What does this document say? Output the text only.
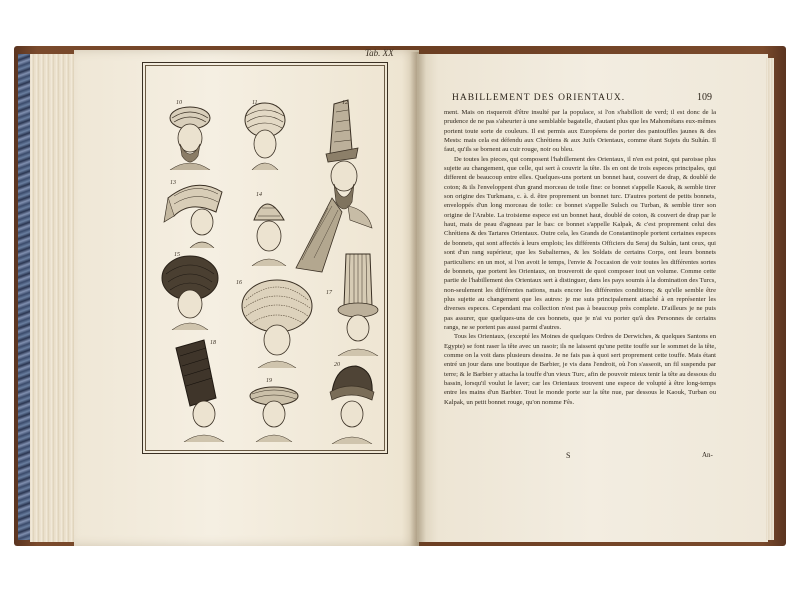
Tab. XX
10	11	12
13
14
15
16
17
18
19
20
HABILLEMENT DES ORIENTAUX.	109

ment. Mais on risqueroit d'être insulté par la populace, si l'on s'habilloit de verd; il est donc de la prudence de ne pas s'aheurter à une semblable bagatelle, d'autant plus que les Mahométans eux-mêmes portent toute sorte de couleurs. Il est permis aux Européens de porter des pantouffles jaunes & des Mests: mais cela est défendu aux Chrétiens & aux Juifs Orientaux, comme étant Sujets du Sultán. Il faut, qu'ils se bornent au cuir rouge, noir ou bleu.

De toutes les pieces, qui composent l'habillement des Orientaux, il n'en est point, qui paroisse plus sujette au changement, que celle, qui sert à couvrir la tête. Ils en ont de trois especes principales, qui different de beaucoup entre elles. Quelques-uns portent un bonnet haut, couvert de drap, & doublé de coton; & ils l'enveloppent d'un grand morceau de toile fine: ce bonnet s'appelle Kaouk, & semble tirer son origine des Turkmans, c. à. d. être proprement un bonnet turc. D'autres portent de petits bonnets, enveloppés d'un long morceau de toile: ce bonnet s'appelle Sulsch ou Turban, & semble tirer son origine de l'Arabie. La troisieme espece est un bonnet haut, doublé de coton, & couvert de drap par le haut, mais de peau d'agneau par le bas: ce bonnet s'appelle Kalpak, & c'est proprement celui des Chrétiens & des Tartares Orientaux. Outre cela, les Grands de Constantinople portent certaines especes de bonnets, qui sont affectés à leurs emplois; les différents Officiers du Seraj du Sultán, tant ceux, qui sont d'un rang supérieur, que les Subalternes, & les Soldats de certains Corps, ont leurs bonnets particuliers: en un mot, si l'on avoit le temps, l'envie & l'occasion de voir toutes les différentes sortes de bonnets, que portent les Orientaux, on trouveroit de quoi composer tout un volume. Comme cette partie de l'habillement des Orientaux sert à distinguer, dans les pays soumis à la domination des Turcs, non-seulement les différentes nations, mais encore les différentes conditions; & qu'elle semble être plus sujette au changement que les autres: je me suis principalement attaché à en représenter les diverses especes. Cependant ma collection n'est pas à beaucoup près complete. D'ailleurs je ne puis pas assurer, que quelques-uns de ces bonnets, que je n'ai vu porter qu'à des Personnes de certains rangs, ne se portent pas aussi parmi d'autres.

Tous les Orientaux, (excepté les Moines de quelques Ordres de Derwiches, & quelques Santons en Egypte) se font raser la tête avec un rasoir; ils ne laissent qu'une petite touffe sur le sommet de la tête, comme on la voit dans plusieurs dessins. Je ne fais pas à quoi sert proprement cette touffe. Mais étant entré un jour dans une boutique de Barbier, je vis dans l'endroit, où l'on s'asseoit, un fil suspendu par terre; & le Barbier y attacha la touffe d'un vieux Turc, afin de pouvoir mieux tenir la tête au dessous du bassin, lorsqu'il voulut le laver; car les Orientaux trouvent une espece de volupté à être long-temps entre les mains d'un Barbier. Tout le monde porte sur la tête nue, par dessous le Kaouk, Turban ou Kalpak, un petit bonnet rouge, qu'on nomme Fês.

S	An-
